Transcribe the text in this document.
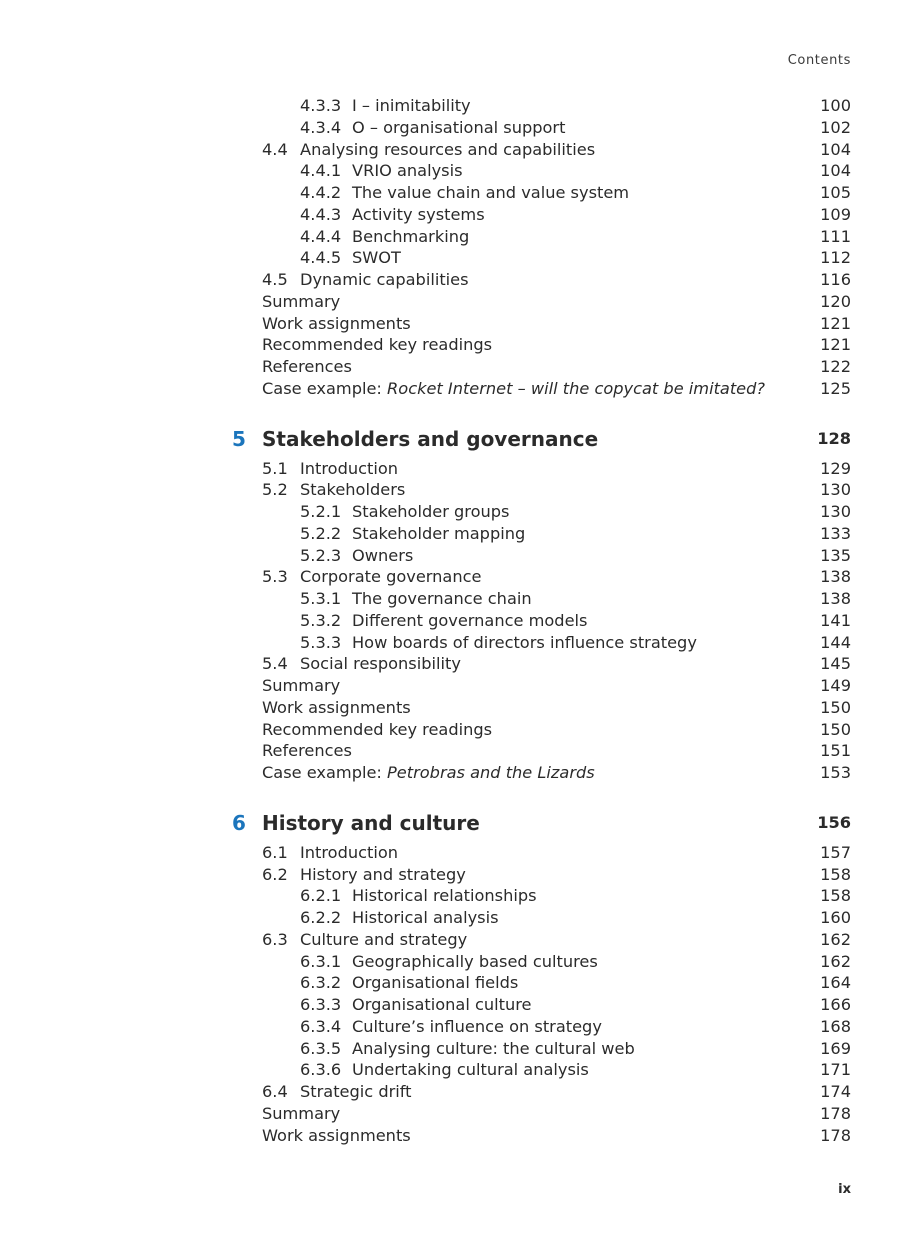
Contents
4.3.3 I – inimitability	100
4.3.4 O – organisational support	102
4.4 Analysing resources and capabilities	104
4.4.1 VRIO analysis	104
4.4.2 The value chain and value system	105
4.4.3 Activity systems	109
4.4.4 Benchmarking	111
4.4.5 SWOT	112
4.5 Dynamic capabilities	116
Summary	120
Work assignments	121
Recommended key readings	121
References	122
Case example: Rocket Internet – will the copycat be imitated?	125
5 Stakeholders and governance	128
5.1 Introduction	129
5.2 Stakeholders	130
5.2.1 Stakeholder groups	130
5.2.2 Stakeholder mapping	133
5.2.3 Owners	135
5.3 Corporate governance	138
5.3.1 The governance chain	138
5.3.2 Different governance models	141
5.3.3 How boards of directors influence strategy	144
5.4 Social responsibility	145
Summary	149
Work assignments	150
Recommended key readings	150
References	151
Case example: Petrobras and the Lizards	153
6 History and culture	156
6.1 Introduction	157
6.2 History and strategy	158
6.2.1 Historical relationships	158
6.2.2 Historical analysis	160
6.3 Culture and strategy	162
6.3.1 Geographically based cultures	162
6.3.2 Organisational fields	164
6.3.3 Organisational culture	166
6.3.4 Culture’s influence on strategy	168
6.3.5 Analysing culture: the cultural web	169
6.3.6 Undertaking cultural analysis	171
6.4 Strategic drift	174
Summary	178
Work assignments	178
ix
